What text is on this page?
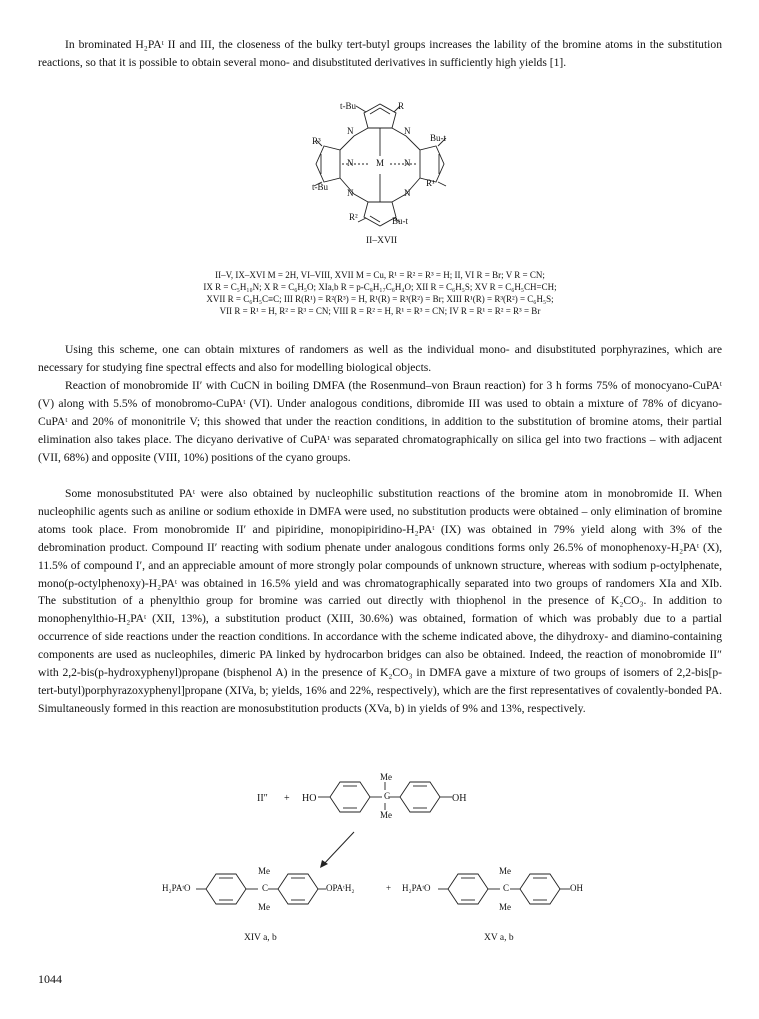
In brominated H₂PAᵗ II and III, the closeness of the bulky tert-butyl groups increases the lability of the bromine atoms in the substitution reactions, so that it is possible to obtain several mono- and disubstituted derivatives in sufficiently high yields [1].
t-Bu	R
R³	Bu-t
N	N
N	M N
N	N
t-Bu	R¹
R²	Bu-t
II–XVII
II–V, IX–XVI M = 2H, VI–VIII, XVII M = Cu, R¹ = R² = R³ = H; II, VI R = Br; V R = CN;
IX R = C₅H₁₀N; X R = C₆H₅O; XIa,b R = p-C₈H₁₇C₆H₄O; XII R = C₆H₅S; XV R = C₆H₅CH=CH;
XVII R = C₆H₅C≡C; III R(R¹) = R²(R³) = H, R¹(R) = R³(R²) = Br; XIII R¹(R) = R³(R²) = C₆H₅S;
VII R = R¹ = H, R² = R³ = CN; VIII R = R² = H, R¹ = R³ = CN; IV R = R¹ = R² = R³ = Br
Using this scheme, one can obtain mixtures of randomers as well as the individual mono- and disubstituted porphyrazines, which are necessary for studying fine spectral effects and also for modelling biological objects.
Reaction of monobromide II′ with CuCN in boiling DMFA (the Rosenmund–von Braun reaction) for 3 h forms 75% of monocyano-CuPAᵗ (V) along with 5.5% of monobromo-CuPAᵗ (VI). Under analogous conditions, dibromide III was used to obtain a mixture of 78% of dicyano-CuPAᵗ and 20% of mononitrile V; this showed that under the reaction conditions, in addition to the substitution of bromine atoms, their partial elimination also takes place. The dicyano derivative of CuPAᵗ was separated chromatographically on silica gel into two fractions – with adjacent (VII, 68%) and opposite (VIII, 10%) positions of the cyano groups.
Some monosubstituted PAᵗ were also obtained by nucleophilic substitution reactions of the bromine atom in monobromide II. When nucleophilic agents such as aniline or sodium ethoxide in DMFA were used, no substitution products were obtained – only elimination of bromine atoms took place. From monobromide II′ and pipiridine, monopipiridino-H₂PAᵗ (IX) was obtained in 79% yield along with 3% of the debromination product. Compound II′ reacting with sodium phenate under analogous conditions forms only 26.5% of monophenoxy-H₂PAᵗ (X), 11.5% of compound I′, and an appreciable amount of more strongly polar compounds of unknown structure, whereas with sodium p-octylphenate, mono(p-octylphenoxy)-H₂PAᵗ was obtained in 16.5% yield and was chromatographically separated into two groups of randomers XIa and XIb. The substitution of a phenylthio group for bromine was carried out directly with thiophenol in the presence of K₂CO₃. In addition to monophenylthio-H₂PAᵗ (XII, 13%), a substitution product (XIII, 30.6%) was obtained, formation of which was probably due to a partial occurrence of side reactions under the reaction conditions. In accordance with the scheme indicated above, the dihydroxy- and diamino-containing components are used as nucleophiles, dimeric PA linked by hydrocarbon bridges can also be obtained. Indeed, the reaction of monobromide II″ with 2,2-bis(p-hydroxyphenyl)propane (bisphenol A) in the presence of K₂CO₃ in DMFA gave a mixture of two groups of isomers of 2,2-bis[p-tert-butyl)porphyrazoxyphenyl]propane (XIVa, b; yields, 16% and 22%, respectively), which are the first representatives of covalently-bonded PA. Simultaneously formed in this reaction are monosubstitution products (XVa, b) in yields of 9% and 13%, respectively.
II″ + HO	OH
Me
C
Me
H₂PAᵗO
Me
C
Me
OPAᵗH₂	+ H₂PAᵗO
Me
C
Me
OH
XIV a, b	XV a, b
1044
